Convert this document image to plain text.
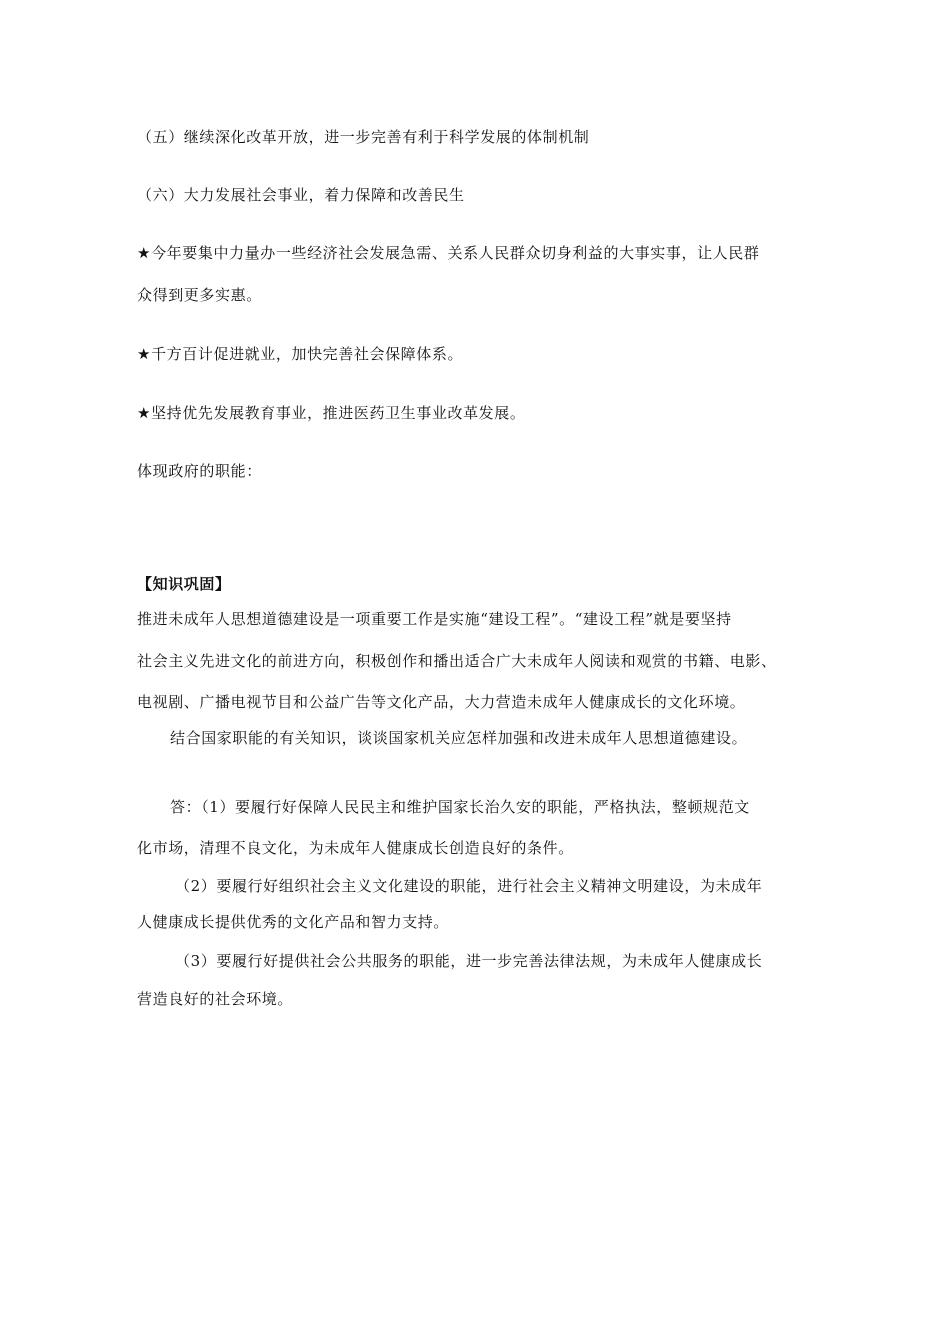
（五）继续深化改革开放，进一步完善有利于科学发展的体制机制
（六）大力发展社会事业，着力保障和改善民生
★今年要集中力量办一些经济社会发展急需、关系人民群众切身利益的大事实事，让人民群
众得到更多实惠。
★千方百计促进就业，加快完善社会保障体系。
★坚持优先发展教育事业，推进医药卫生事业改革发展。
体现政府的职能：
【知识巩固】
推进未成年人思想道德建设是一项重要工作是实施“建设工程”。“建设工程”就是要坚持
社会主义先进文化的前进方向，积极创作和播出适合广大未成年人阅读和观赏的书籍、电影、
电视剧、广播电视节目和公益广告等文化产品，大力营造未成年人健康成长的文化环境。
结合国家职能的有关知识，谈谈国家机关应怎样加强和改进未成年人思想道德建设。
答：（1）要履行好保障人民民主和维护国家长治久安的职能，严格执法，整顿规范文
化市场，清理不良文化，为未成年人健康成长创造良好的条件。
（2）要履行好组织社会主义文化建设的职能，进行社会主义精神文明建设，为未成年
人健康成长提供优秀的文化产品和智力支持。
（3）要履行好提供社会公共服务的职能，进一步完善法律法规，为未成年人健康成长
营造良好的社会环境。
